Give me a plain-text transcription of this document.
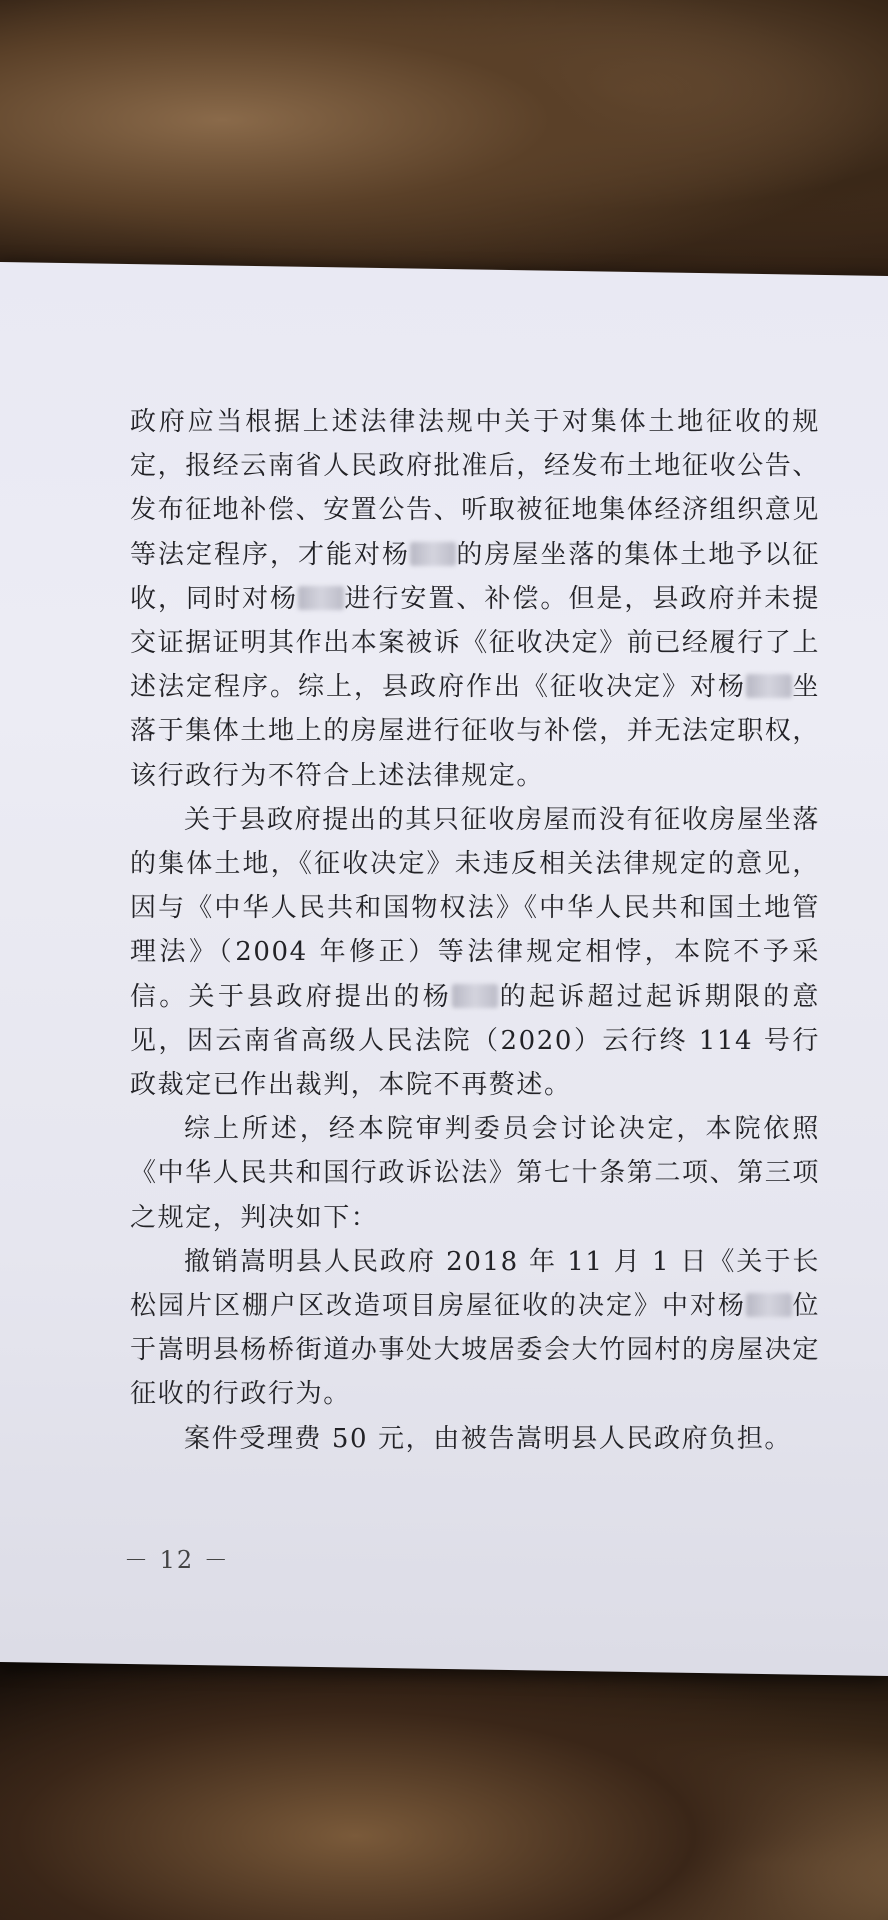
政府应当根据上述法律法规中关于对集体土地征收的规定，报经云南省人民政府批准后，经发布土地征收公告、发布征地补偿、安置公告、听取被征地集体经济组织意见等法定程序，才能对杨 的房屋坐落的集体土地予以征收，同时对杨 进行安置、补偿。但是，县政府并未提交证据证明其作出本案被诉《征收决定》前已经履行了上述法定程序。综上，县政府作出《征收决定》对杨 坐落于集体土地上的房屋进行征收与补偿，并无法定职权，该行政行为不符合上述法律规定。

关于县政府提出的其只征收房屋而没有征收房屋坐落的集体土地，《征收决定》未违反相关法律规定的意见，因与《中华人民共和国物权法》《中华人民共和国土地管理法》（2004 年修正）等法律规定相悖，本院不予采信。关于县政府提出的杨 的起诉超过起诉期限的意见，因云南省高级人民法院（2020）云行终 114 号行政裁定已作出裁判，本院不再赘述。

综上所述，经本院审判委员会讨论决定，本院依照《中华人民共和国行政诉讼法》第七十条第二项、第三项之规定，判决如下：

撤销嵩明县人民政府 2018 年 11 月 1 日《关于长松园片区棚户区改造项目房屋征收的决定》中对杨 位于嵩明县杨桥街道办事处大坡居委会大竹园村的房屋决定征收的行政行为。

案件受理费 50 元，由被告嵩明县人民政府负担。

－ 12 －
